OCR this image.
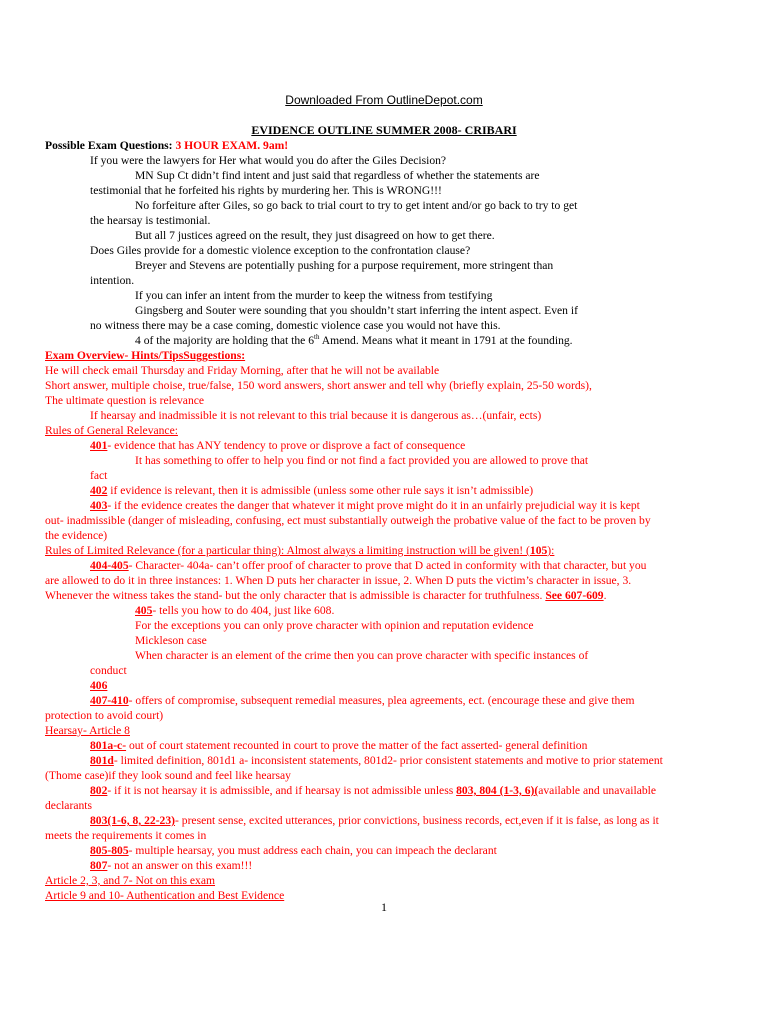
Downloaded From OutlineDepot.com
EVIDENCE OUTLINE SUMMER 2008- CRIBARI
Possible Exam Questions: 3 HOUR EXAM. 9am!
If you were the lawyers for Her what would you do after the Giles Decision?
MN Sup Ct didn’t find intent and just said that regardless of whether the statements are
testimonial that he forfeited his rights by murdering her. This is WRONG!!!
No forfeiture after Giles, so go back to trial court to try to get intent and/or go back to try to get
the hearsay is testimonial.
But all 7 justices agreed on the result, they just disagreed on how to get there.
Does Giles provide for a domestic violence exception to the confrontation clause?
Breyer and Stevens are potentially pushing for a purpose requirement, more stringent than
intention.
If you can infer an intent from the murder to keep the witness from testifying
Gingsberg and Souter were sounding that you shouldn’t start inferring the intent aspect. Even if
no witness there may be a case coming, domestic violence case you would not have this.
4 of the majority are holding that the 6th Amend. Means what it meant in 1791 at the founding.
Exam Overview- Hints/TipsSuggestions:
He will check email Thursday and Friday Morning, after that he will not be available
Short answer, multiple choise, true/false, 150 word answers, short answer and tell why (briefly explain, 25-50 words),
The ultimate question is relevance
If hearsay and inadmissible it is not relevant to this trial because it is dangerous as…(unfair, ects)
Rules of General Relevance:
401- evidence that has ANY tendency to prove or disprove a fact of consequence
It has something to offer to help you find or not find a fact provided you are allowed to prove that
fact
402 if evidence is relevant, then it is admissible (unless some other rule says it isn’t admissible)
403- if the evidence creates the danger that whatever it might prove might do it in an unfairly prejudicial way it is kept
out- inadmissible (danger of misleading, confusing, ect must substantially outweigh the probative value of the fact to be proven by
the evidence)
Rules of Limited Relevance (for a particular thing): Almost always a limiting instruction will be given! (105):
404-405- Character- 404a- can’t offer proof of character to prove that D acted in conformity with that character, but you
are allowed to do it in three instances: 1. When D puts her character in issue, 2. When D puts the victim’s character in issue, 3.
Whenever the witness takes the stand- but the only character that is admissible is character for truthfulness. See 607-609.
405- tells you how to do 404, just like 608.
For the exceptions you can only prove character with opinion and reputation evidence
Mickleson case
When character is an element of the crime then you can prove character with specific instances of
conduct
406
407-410- offers of compromise, subsequent remedial measures, plea agreements, ect. (encourage these and give them
protection to avoid court)
Hearsay- Article 8
801a-c- out of court statement recounted in court to prove the matter of the fact asserted- general definition
801d- limited definition, 801d1 a- inconsistent statements, 801d2- prior consistent statements and motive to prior statement
(Thome case)if they look sound and feel like hearsay
802- if it is not hearsay it is admissible, and if hearsay is not admissible unless 803, 804 (1-3, 6)(available and unavailable
declarants
803(1-6, 8, 22-23)- present sense, excited utterances, prior convictions, business records, ect,even if it is false, as long as it
meets the requirements it comes in
805-805- multiple hearsay, you must address each chain, you can impeach the declarant
807- not an answer on this exam!!!
Article 2, 3, and 7- Not on this exam
Article 9 and 10- Authentication and Best Evidence
1
